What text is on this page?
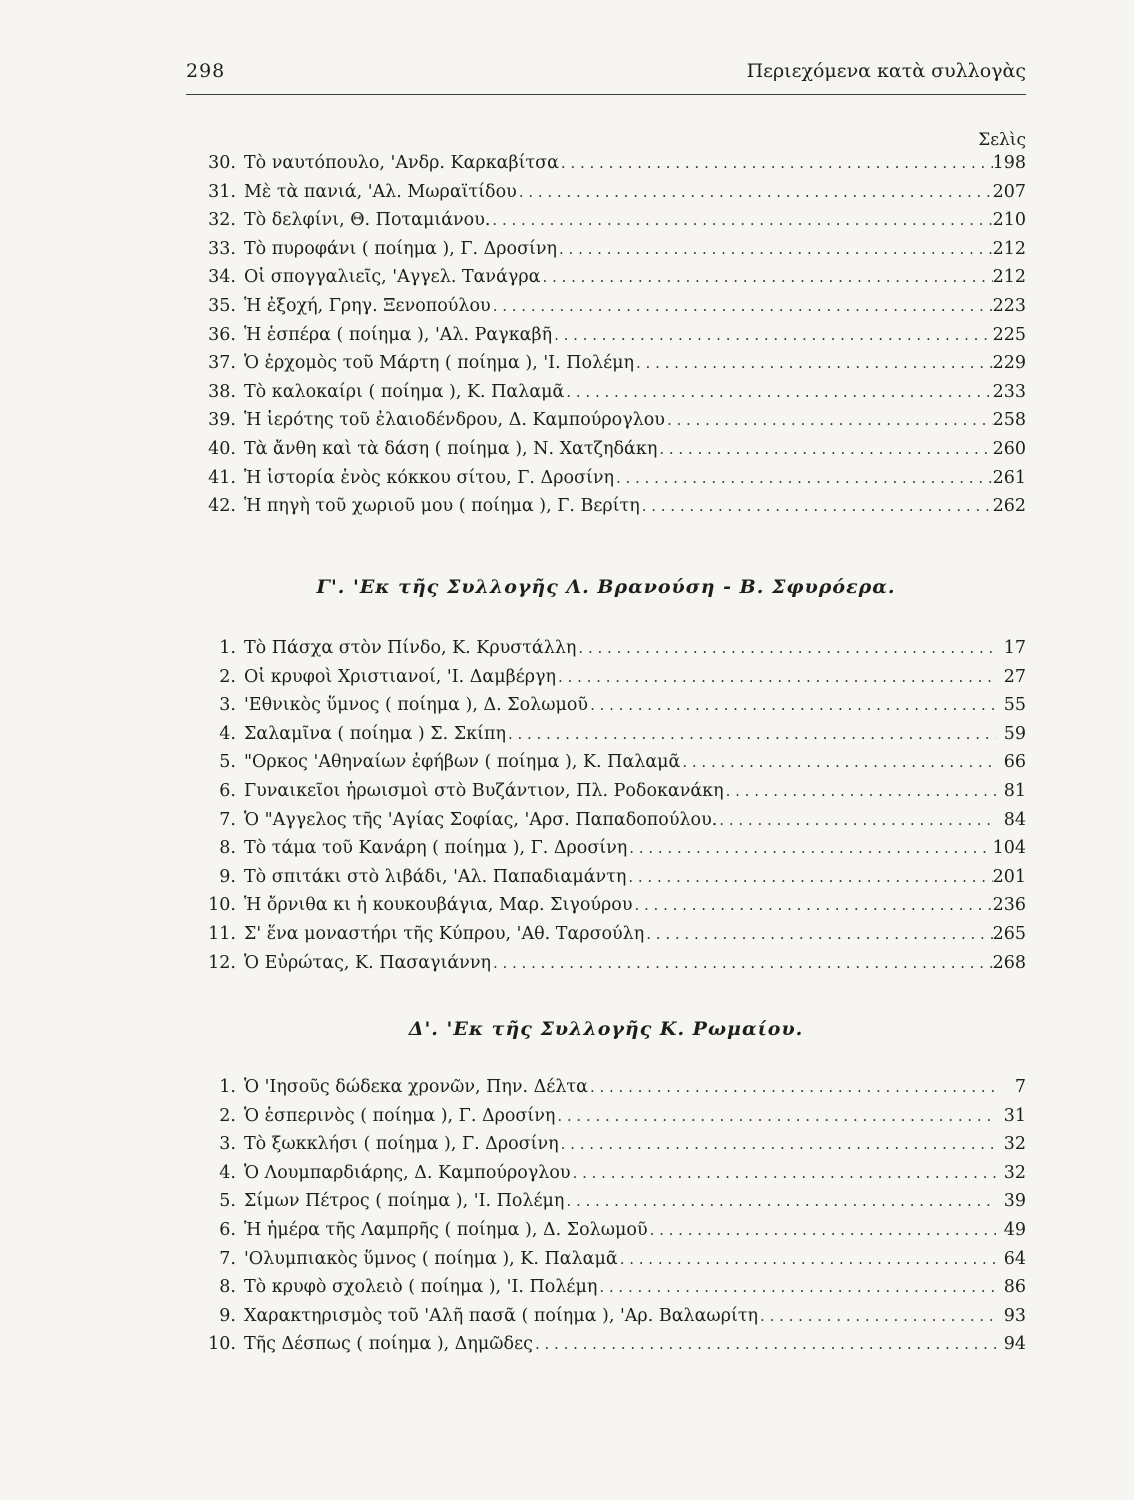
298	Περιεχόμενα κατὰ συλλογὰς
Σελὶς
30. Τὸ ναυτόπουλο, 'Ανδρ. Καρκαβίτσα . . .	198
31. Μὲ τὰ πανιά, 'Αλ. Μωραϊτίδου . . .	207
32. Τὸ δελφίνι, Θ. Ποταμιάνου. . . .	210
33. Τὸ πυροφάνι ( ποίημα ), Γ. Δροσίνη . . .	212
34. Οἱ σπογγαλιεῖς, 'Αγγελ. Τανάγρα . . .	212
35. Ἡ ἐξοχή, Γρηγ. Ξενοπούλου . . .	223
36. Ἡ ἑσπέρα ( ποίημα ), 'Αλ. Ραγκαβῆ . . .	225
37. Ὁ ἐρχομὸς τοῦ Μάρτη ( ποίημα ), 'Ι. Πολέμη . . .	229
38. Τὸ καλοκαίρι ( ποίημα ), Κ. Παλαμᾶ . . .	233
39. Ἡ ἱερότης τοῦ ἐλαιοδένδρου, Δ. Καμπούρογλου . . .	258
40. Τὰ ἄνθη καὶ τὰ δάση ( ποίημα ), Ν. Χατζηδάκη . . .	260
41. Ἡ ἱστορία ἑνὸς κόκκου σίτου, Γ. Δροσίνη . . .	261
42. Ἡ πηγὴ τοῦ χωριοῦ μου ( ποίημα ), Γ. Βερίτη . . .	262
Γ'. 'Εκ τῆς Συλλογῆς Λ. Βρανούση - Β. Σφυρόερα.
1. Τὸ Πάσχα στὸν Πίνδο, Κ. Κρυστάλλη . . .	17
2. Οἱ κρυφοὶ Χριστιανοί, 'Ι. Δαμβέργη . . .	27
3. 'Εθνικὸς ὕμνος ( ποίημα ), Δ. Σολωμοῦ . . .	55
4. Σαλαμῖνα ( ποίημα ) Σ. Σκίπη . . .	59
5. "Ορκος 'Αθηναίων ἐφήβων ( ποίημα ), Κ. Παλαμᾶ . . .	66
6. Γυναικεῖοι ἡρωισμοὶ στὸ Βυζάντιον, Πλ. Ροδοκανάκη . . .	81
7. Ὁ "Αγγελος τῆς 'Αγίας Σοφίας, 'Αρσ. Παπαδοπούλου. . . .	84
8. Τὸ τάμα τοῦ Κανάρη ( ποίημα ), Γ. Δροσίνη . . .	104
9. Τὸ σπιτάκι στὸ λιβάδι, 'Αλ. Παπαδιαμάντη . . .	201
10. Ἡ ὄρνιθα κι ἡ κουκουβάγια, Μαρ. Σιγούρου . . .	236
11. Σ' ἕνα μοναστήρι τῆς Κύπρου, 'Αθ. Ταρσούλη . . .	265
12. Ὁ Εὐρώτας, Κ. Πασαγιάννη . . .	268
Δ'. 'Εκ τῆς Συλλογῆς Κ. Ρωμαίου.
1. Ὁ 'Ιησοῦς δώδεκα χρονῶν, Πην. Δέλτα . . .	7
2. Ὁ ἑσπερινὸς ( ποίημα ), Γ. Δροσίνη . . .	31
3. Τὸ ξωκκλήσι ( ποίημα ), Γ. Δροσίνη . . .	32
4. Ὁ Λουμπαρδιάρης, Δ. Καμπούρογλου . . .	32
5. Σίμων Πέτρος ( ποίημα ), 'Ι. Πολέμη . . .	39
6. Ἡ ἡμέρα τῆς Λαμπρῆς ( ποίημα ), Δ. Σολωμοῦ . . .	49
7. 'Ολυμπιακὸς ὕμνος ( ποίημα ), Κ. Παλαμᾶ . . .	64
8. Τὸ κρυφὸ σχολειὸ ( ποίημα ), 'Ι. Πολέμη . . .	86
9. Χαρακτηρισμὸς τοῦ 'Αλῆ πασᾶ ( ποίημα ), 'Αρ. Βαλαωρίτη . . .	93
10. Τῆς Δέσπως ( ποίημα ), Δημῶδες . . .	94
